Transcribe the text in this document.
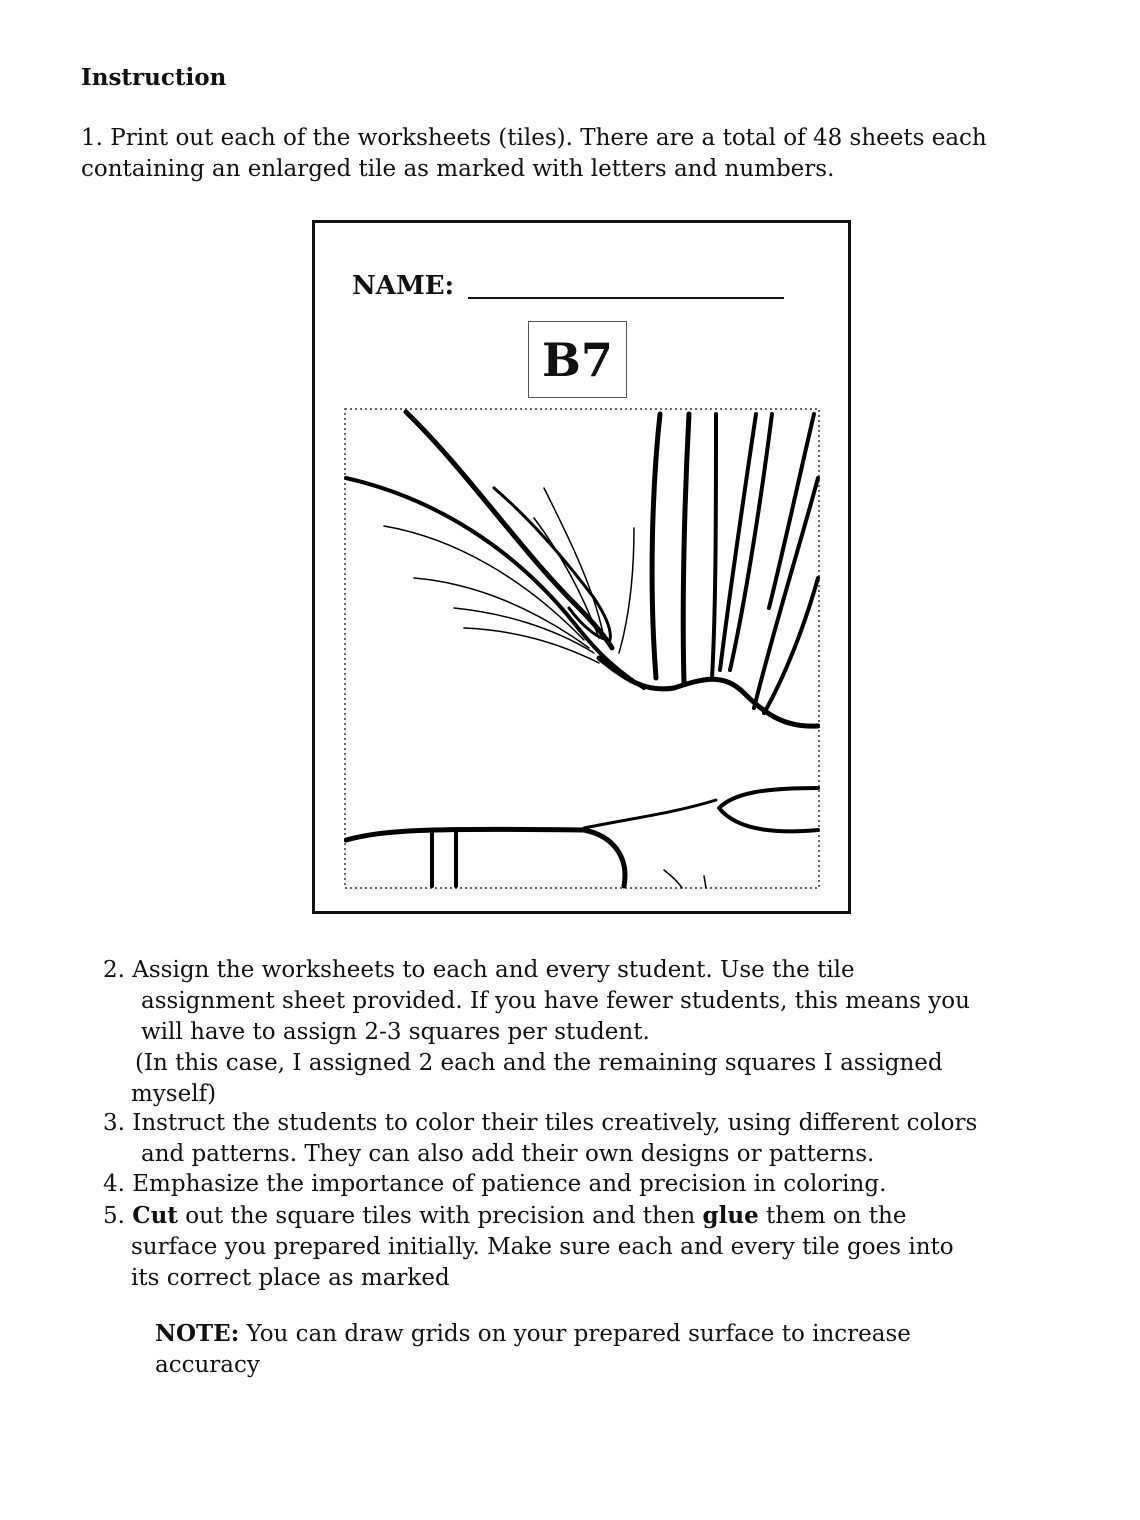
Instruction
1. Print out each of the worksheets (tiles). There are a total of 48 sheets each
containing an enlarged tile as marked with letters and numbers.
NAME:
B7
2. Assign the worksheets to each and every student. Use the tile
assignment sheet provided. If you have fewer students, this means you
will have to assign 2-3 squares per student.
(In this case, I assigned 2 each and the remaining squares I assigned
myself)
3. Instruct the students to color their tiles creatively, using different colors
and patterns. They can also add their own designs or patterns.
4. Emphasize the importance of patience and precision in coloring.
5. Cut out the square tiles with precision and then glue them on the
surface you prepared initially. Make sure each and every tile goes into
its correct place as marked
NOTE: You can draw grids on your prepared surface to increase
accuracy
